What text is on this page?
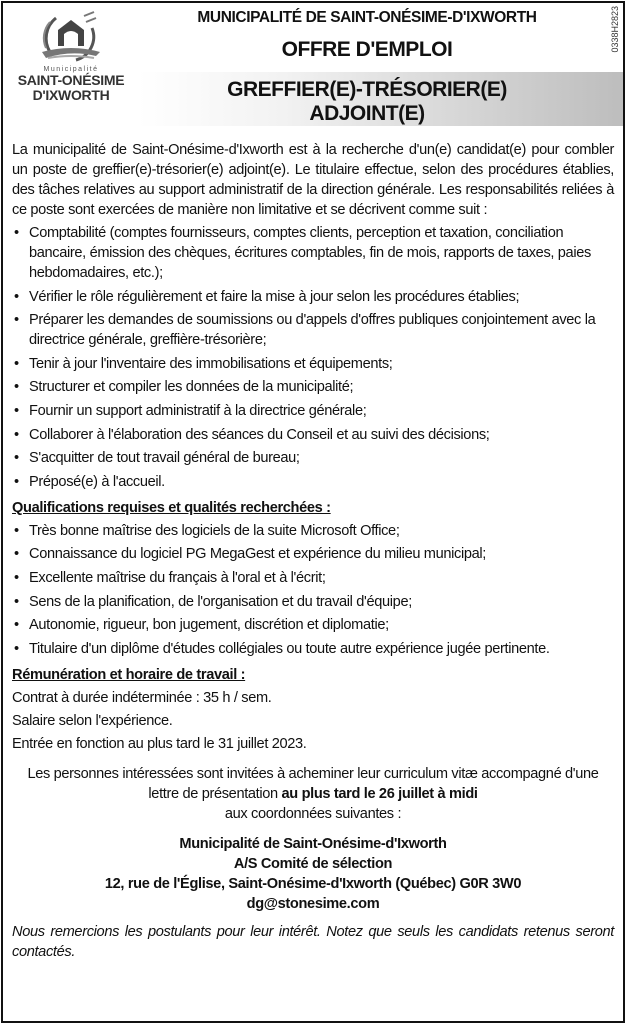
Municipalité
SAINT-ONÉSIME
D'IXWORTH
0338H2823
MUNICIPALITÉ DE SAINT-ONÉSIME-D'IXWORTH
OFFRE D'EMPLOI
GREFFIER(E)-TRÉSORIER(E)
ADJOINT(E)

La municipalité de Saint-Onésime-d'Ixworth est à la recherche d'un(e) candidat(e) pour combler un poste de greffier(e)-trésorier(e) adjoint(e). Le titulaire effectue, selon des procédures établies, des tâches relatives au support administratif de la direction générale. Les responsabilités reliées à ce poste sont exercées de manière non limitative et se décrivent comme suit :

• Comptabilité (comptes fournisseurs, comptes clients, perception et taxation, conciliation bancaire, émission des chèques, écritures comptables, fin de mois, rapports de taxes, paies hebdomadaires, etc.);
• Vérifier le rôle régulièrement et faire la mise à jour selon les procédures établies;
• Préparer les demandes de soumissions ou d'appels d'offres publiques conjointement avec la directrice générale, greffière-trésorière;
• Tenir à jour l'inventaire des immobilisations et équipements;
• Structurer et compiler les données de la municipalité;
• Fournir un support administratif à la directrice générale;
• Collaborer à l'élaboration des séances du Conseil et au suivi des décisions;
• S'acquitter de tout travail général de bureau;
• Préposé(e) à l'accueil.
Qualifications requises et qualités recherchées :
• Très bonne maîtrise des logiciels de la suite Microsoft Office;
• Connaissance du logiciel PG MegaGest et expérience du milieu municipal;
• Excellente maîtrise du français à l'oral et à l'écrit;
• Sens de la planification, de l'organisation et du travail d'équipe;
• Autonomie, rigueur, bon jugement, discrétion et diplomatie;
• Titulaire d'un diplôme d'études collégiales ou toute autre expérience jugée pertinente.
Rémunération et horaire de travail :
Contrat à durée indéterminée : 35 h / sem.
Salaire selon l'expérience.
Entrée en fonction au plus tard le 31 juillet 2023.

Les personnes intéressées sont invitées à acheminer leur curriculum vitæ accompagné d'une lettre de présentation au plus tard le 26 juillet à midi
aux coordonnées suivantes :

Municipalité de Saint-Onésime-d'Ixworth
A/S Comité de sélection
12, rue de l'Église, Saint-Onésime-d'Ixworth (Québec) G0R 3W0
dg@stonesime.com

Nous remercions les postulants pour leur intérêt. Notez que seuls les candidats retenus seront contactés.
